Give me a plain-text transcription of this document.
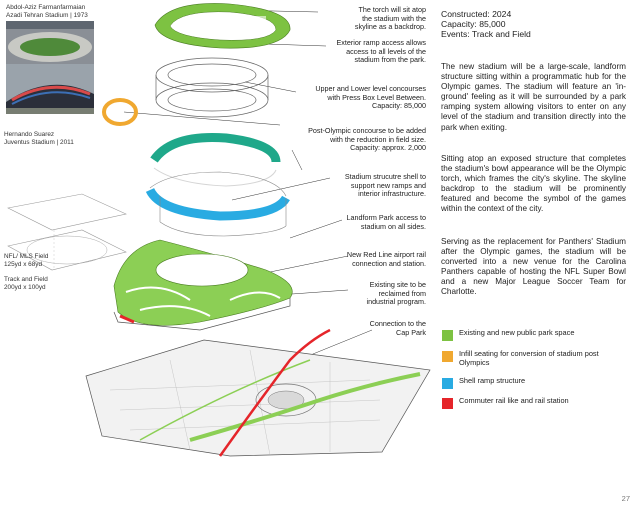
Abdol-Aziz Farmanfarmaian
Azadi Tehran Stadium | 1973
Hernando Suarez
Juventus Stadium | 2011
NFL/ MLS Field
125yd x 68yd
Track and Field
200yd x 100yd
The torch will sit atop
the stadium with the
skyline as a backdrop.
Exterior ramp access allows
access to all levels of the
stadium from the park.
Upper and Lower level concourses
with Press Box Level Between.
Capacity: 85,000
Post-Olympic concourse to be added
with the reduction in field size.
Capacity: approx. 2,000
Stadium strucutre shell to
support new ramps and
interior infrastructure.
Landform Park access to
stadium on all sides.
New Red Line airport rail
connection and station.
Existing site to be
reclaimed from
industrial program.
Connection to the
Cap Park
Constructed: 2024
Capacity: 85,000
Events: Track and Field
The new stadium will be a large-scale, landform structure sitting within a programmatic hub for the Olympic games. The stadium will feature an 'in-ground' feeling as it will be surrounded by a park ramping system allowing visitors to enter on any level of the stadium and transition directly into the park when exiting.
Sitting atop an exposed structure that completes the stadium's bowl appearance will be the Olympic torch, which frames the city's skyline. The skyline backdrop to the stadium will be prominently featured and become the symbol of the games within the context of the city.
Serving as the replacement for Panthers' Stadium after the Olympic games, the stadium will be converted into a new venue for the Carolina Panthers capable of hosting the NFL Super Bowl and a new Major League Soccer Team for Charlotte.
Existing and new public park space
Infill seating for conversion of stadium post Olympics
Shell ramp structure
Commuter rail like and rail station
27
